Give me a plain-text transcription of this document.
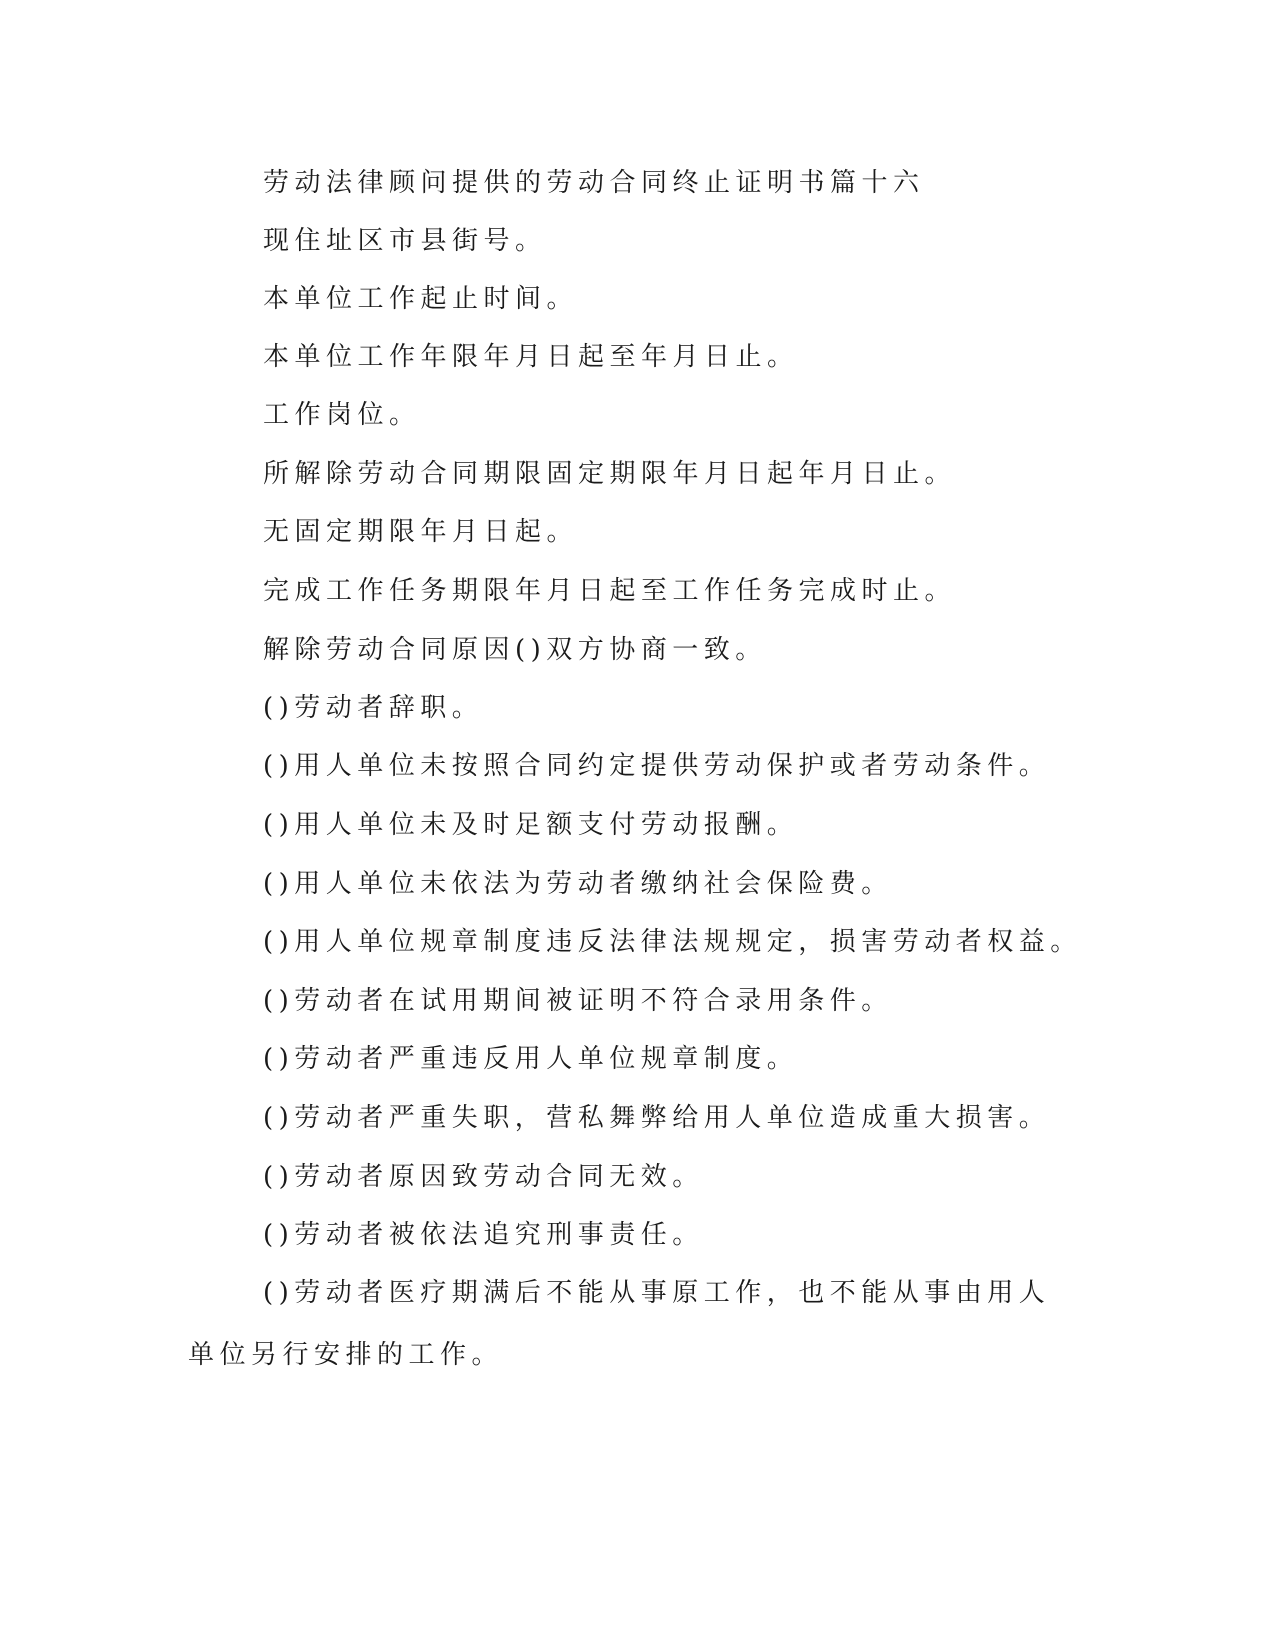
劳动法律顾问提供的劳动合同终止证明书篇十六

现住址区市县街号。

本单位工作起止时间。

本单位工作年限年月日起至年月日止。

工作岗位。

所解除劳动合同期限固定期限年月日起年月日止。

无固定期限年月日起。

完成工作任务期限年月日起至工作任务完成时止。

解除劳动合同原因()双方协商一致。

()劳动者辞职。

()用人单位未按照合同约定提供劳动保护或者劳动条件。

()用人单位未及时足额支付劳动报酬。

()用人单位未依法为劳动者缴纳社会保险费。

()用人单位规章制度违反法律法规规定，损害劳动者权益。

()劳动者在试用期间被证明不符合录用条件。

()劳动者严重违反用人单位规章制度。

()劳动者严重失职，营私舞弊给用人单位造成重大损害。

()劳动者原因致劳动合同无效。

()劳动者被依法追究刑事责任。

()劳动者医疗期满后不能从事原工作，也不能从事由用人单位另行安排的工作。
